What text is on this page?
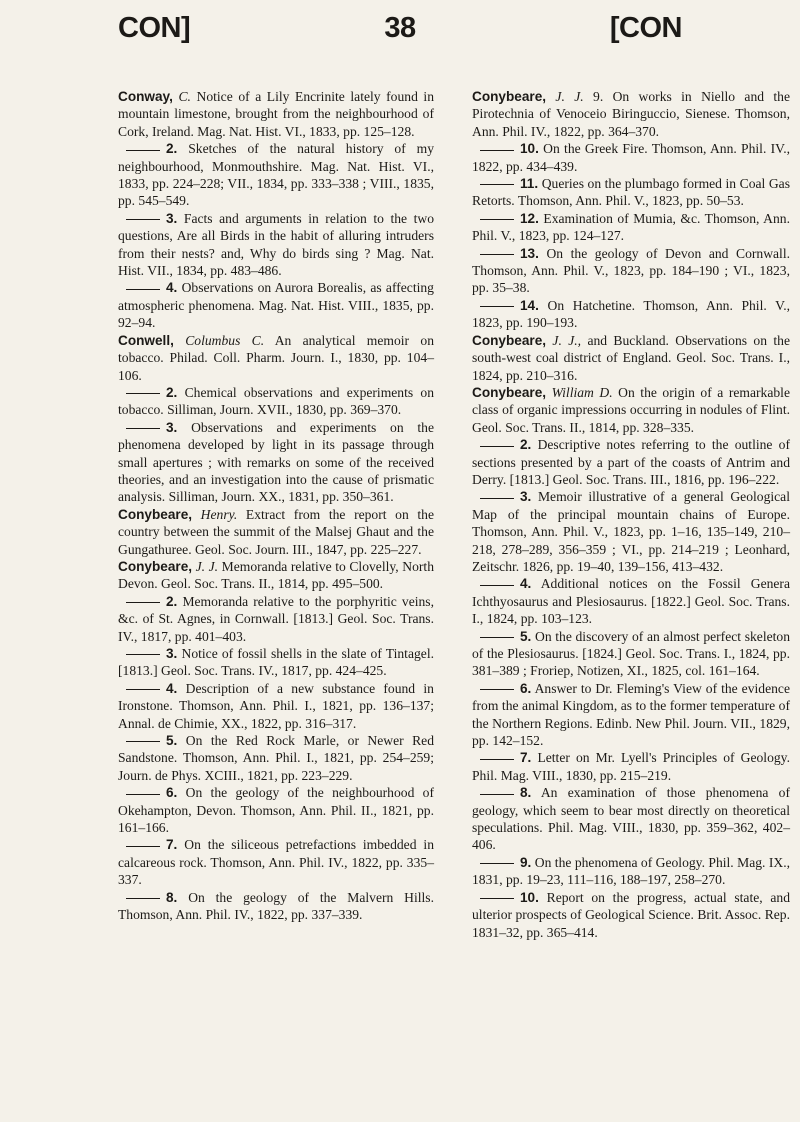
CON]	38	[CON
Conway, C. Notice of a Lily Encrinite lately found in mountain limestone, brought from the neighbourhood of Cork, Ireland. Mag. Nat. Hist. VI., 1833, pp. 125–128.
2. Sketches of the natural history of my neighbourhood, Monmouthshire. Mag. Nat. Hist. VI., 1833, pp. 224–228; VII., 1834, pp. 333–338 ; VIII., 1835, pp. 545–549.
3. Facts and arguments in relation to the two questions, Are all Birds in the habit of alluring intruders from their nests? and, Why do birds sing ? Mag. Nat. Hist. VII., 1834, pp. 483–486.
4. Observations on Aurora Borealis, as affecting atmospheric phenomena. Mag. Nat. Hist. VIII., 1835, pp. 92–94.
Conwell, Columbus C. An analytical memoir on tobacco. Philad. Coll. Pharm. Journ. I., 1830, pp. 104–106.
2. Chemical observations and experiments on tobacco. Silliman, Journ. XVII., 1830, pp. 369–370.
3. Observations and experiments on the phenomena developed by light in its passage through small apertures ; with remarks on some of the received theories, and an investigation into the cause of prismatic analysis. Silliman, Journ. XX., 1831, pp. 350–361.
Conybeare, Henry. Extract from the report on the country between the summit of the Malsej Ghaut and the Gungathuree. Geol. Soc. Journ. III., 1847, pp. 225–227.
Conybeare, J. J. Memoranda relative to Clovelly, North Devon. Geol. Soc. Trans. II., 1814, pp. 495–500.
2. Memoranda relative to the porphyritic veins, &c. of St. Agnes, in Cornwall. [1813.] Geol. Soc. Trans. IV., 1817, pp. 401–403.
3. Notice of fossil shells in the slate of Tintagel. [1813.] Geol. Soc. Trans. IV., 1817, pp. 424–425.
4. Description of a new substance found in Ironstone. Thomson, Ann. Phil. I., 1821, pp. 136–137; Annal. de Chimie, XX., 1822, pp. 316–317.
5. On the Red Rock Marle, or Newer Red Sandstone. Thomson, Ann. Phil. I., 1821, pp. 254–259; Journ. de Phys. XCIII., 1821, pp. 223–229.
6. On the geology of the neighbourhood of Okehampton, Devon. Thomson, Ann. Phil. II., 1821, pp. 161–166.
7. On the siliceous petrefactions imbedded in calcareous rock. Thomson, Ann. Phil. IV., 1822, pp. 335–337.
8. On the geology of the Malvern Hills. Thomson, Ann. Phil. IV., 1822, pp. 337–339.
Conybeare, J. J. 9. On works in Niello and the Pirotechnia of Venoceio Biringuccio, Sienese. Thomson, Ann. Phil. IV., 1822, pp. 364–370.
10. On the Greek Fire. Thomson, Ann. Phil. IV., 1822, pp. 434–439.
11. Queries on the plumbago formed in Coal Gas Retorts. Thomson, Ann. Phil. V., 1823, pp. 50–53.
12. Examination of Mumia, &c. Thomson, Ann. Phil. V., 1823, pp. 124–127.
13. On the geology of Devon and Cornwall. Thomson, Ann. Phil. V., 1823, pp. 184–190 ; VI., 1823, pp. 35–38.
14. On Hatchetine. Thomson, Ann. Phil. V., 1823, pp. 190–193.
Conybeare, J. J., and Buckland. Observations on the south-west coal district of England. Geol. Soc. Trans. I., 1824, pp. 210–316.
Conybeare, William D. On the origin of a remarkable class of organic impressions occurring in nodules of Flint. Geol. Soc. Trans. II., 1814, pp. 328–335.
2. Descriptive notes referring to the outline of sections presented by a part of the coasts of Antrim and Derry. [1813.] Geol. Soc. Trans. III., 1816, pp. 196–222.
3. Memoir illustrative of a general Geological Map of the principal mountain chains of Europe. Thomson, Ann. Phil. V., 1823, pp. 1–16, 135–149, 210–218, 278–289, 356–359 ; VI., pp. 214–219 ; Leonhard, Zeitschr. 1826, pp. 19–40, 139–156, 413–432.
4. Additional notices on the Fossil Genera Ichthyosaurus and Plesiosaurus. [1822.] Geol. Soc. Trans. I., 1824, pp. 103–123.
5. On the discovery of an almost perfect skeleton of the Plesiosaurus. [1824.] Geol. Soc. Trans. I., 1824, pp. 381–389 ; Froriep, Notizen, XI., 1825, col. 161–164.
6. Answer to Dr. Fleming's View of the evidence from the animal Kingdom, as to the former temperature of the Northern Regions. Edinb. New Phil. Journ. VII., 1829, pp. 142–152.
7. Letter on Mr. Lyell's Principles of Geology. Phil. Mag. VIII., 1830, pp. 215–219.
8. An examination of those phenomena of geology, which seem to bear most directly on theoretical speculations. Phil. Mag. VIII., 1830, pp. 359–362, 402–406.
9. On the phenomena of Geology. Phil. Mag. IX., 1831, pp. 19–23, 111–116, 188–197, 258–270.
10. Report on the progress, actual state, and ulterior prospects of Geological Science. Brit. Assoc. Rep. 1831–32, pp. 365–414.
